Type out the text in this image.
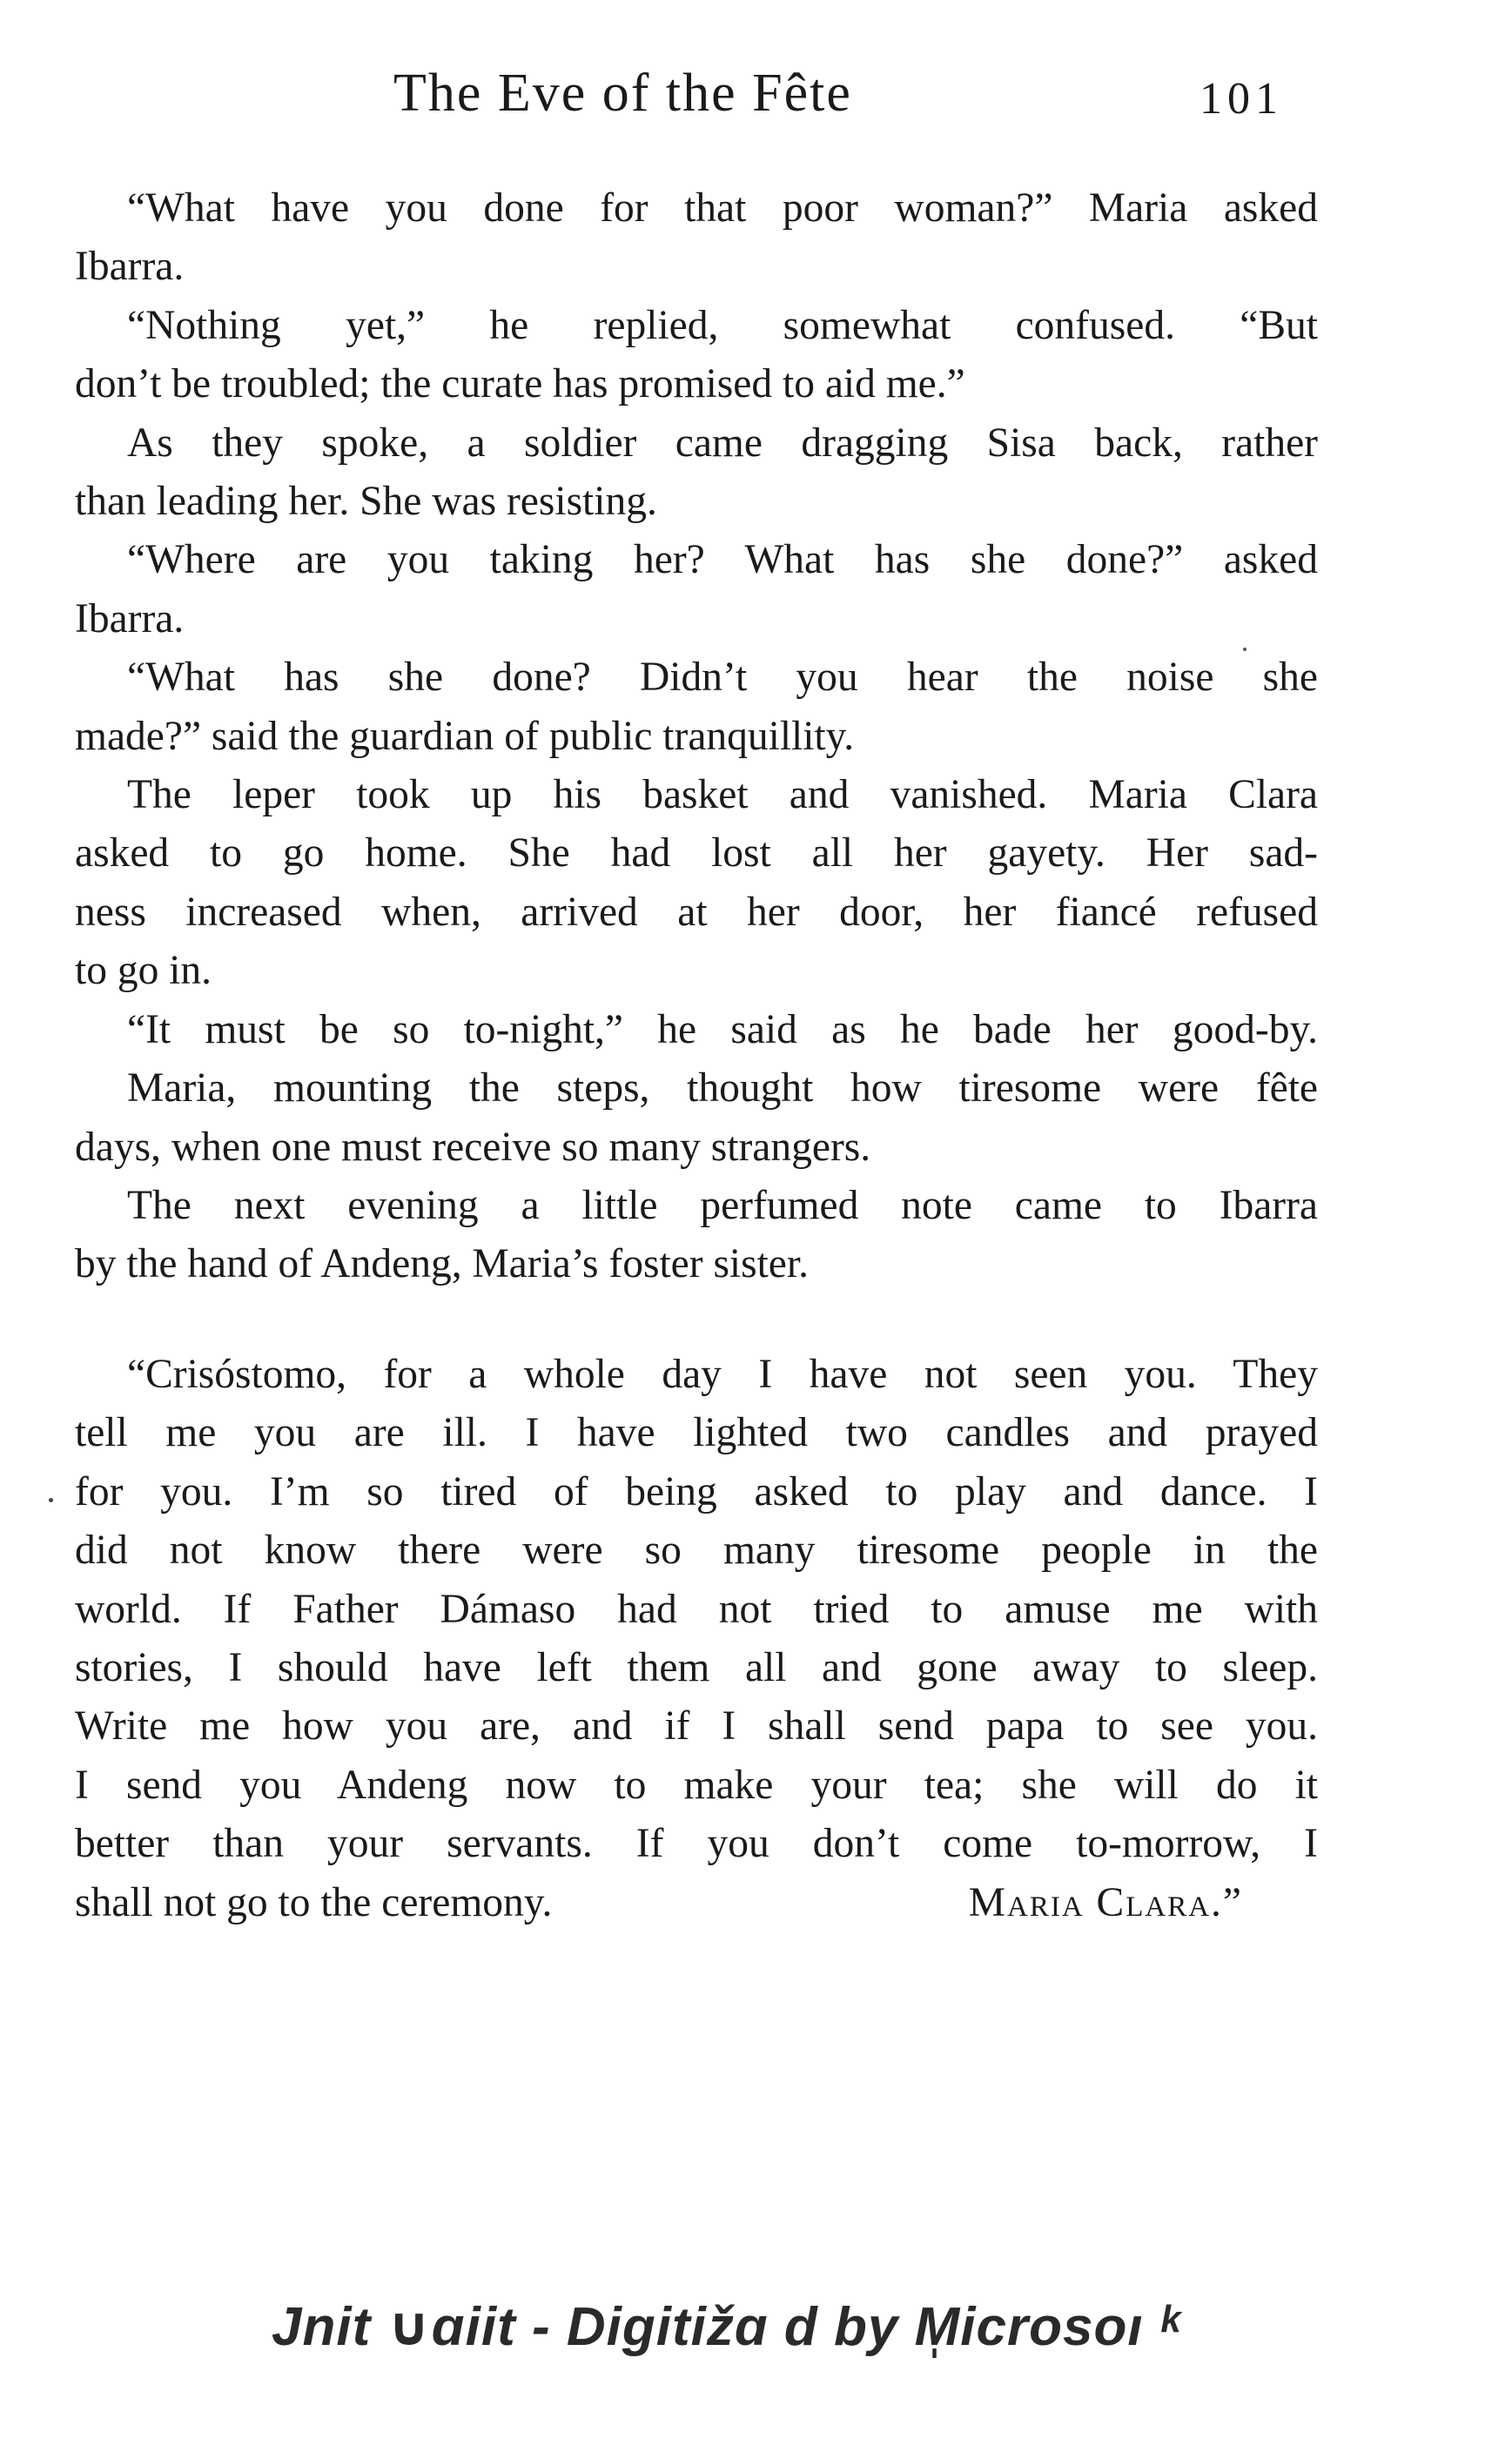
The Eve of the Fête	101

“What have you done for that poor woman?” Maria asked
Ibarra.

“Nothing yet,” he replied, somewhat confused. “But
don’t be troubled; the curate has promised to aid me.”

As they spoke, a soldier came dragging Sisa back, rather
than leading her. She was resisting.

“Where are you taking her? What has she done?” asked
Ibarra.

“What has she done? Didn’t you hear the noise she
made?” said the guardian of public tranquillity.

The leper took up his basket and vanished. Maria Clara
asked to go home. She had lost all her gayety. Her sad-
ness increased when, arrived at her door, her fiancé refused
to go in.

“It must be so to-night,” he said as he bade her good-by.

Maria, mounting the steps, thought how tiresome were fête
days, when one must receive so many strangers.

The next evening a little perfumed note came to Ibarra
by the hand of Andeng, Maria’s foster sister.

“Crisóstomo, for a whole day I have not seen you. They
tell me you are ill. I have lighted two candles and prayed
for you. I’m so tired of being asked to play and dance. I
did not know there were so many tiresome people in the
world. If Father Dámaso had not tried to amuse me with
stories, I should have left them all and gone away to sleep.
Write me how you are, and if I shall send papa to see you.
I send you Andeng now to make your tea; she will do it
better than your servants. If you don’t come to-morrow, I
shall not go to the ceremony.	Maria Clara.”

Jnit ∪ɑiit - Digitižɑ d by M̩icrosoı ᵏ
